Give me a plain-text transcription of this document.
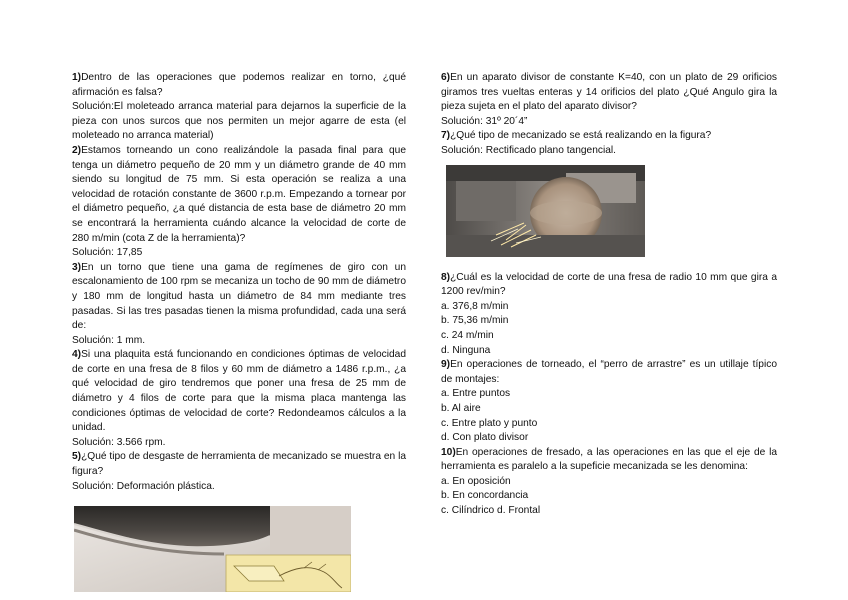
1)Dentro de las operaciones que podemos realizar en torno, ¿qué afirmación es falsa?

Solución:El moleteado arranca material para dejarnos la superficie de la pieza con unos surcos que nos permiten un mejor agarre de esta (el moleteado no arranca material)

2)Estamos torneando un cono realizándole la pasada final para que tenga un diámetro pequeño de 20 mm y un diámetro grande de 40 mm siendo su longitud de 75 mm. Si esta operación se realiza a una velocidad de rotación constante de 3600 r.p.m. Empezando a tornear por el diámetro pequeño, ¿a qué distancia de esta base de diámetro 20 mm se encontrará la herramienta cuándo alcance la velocidad de corte de 280 m/min (cota Z de la herramienta)?

Solución: 17,85

3)En un torno que tiene una gama de regímenes de giro con un escalonamiento de 100 rpm se mecaniza un tocho de 90 mm de diámetro y 180 mm de longitud hasta un diámetro de 84 mm mediante tres pasadas. Si las tres pasadas tienen la misma profundidad, cada una será de:

Solución: 1 mm.

4)Si una plaquita está funcionando en condiciones óptimas de velocidad de corte en una fresa de 8 filos y 60 mm de diámetro a 1486 r.p.m., ¿a qué velocidad de giro tendremos que poner una fresa de 25 mm de diámetro y 4 filos de corte para que la misma placa mantenga las condiciones óptimas de velocidad de corte? Redondeamos cálculos a la unidad.

Solución: 3.566 rpm.

5)¿Qué tipo de desgaste de herramienta de mecanizado se muestra en la figura?

Solución: Deformación plástica.

6)En un aparato divisor de constante K=40, con un plato de 29 orificios giramos tres vueltas enteras y 14 orificios del plato ¿Qué Angulo gira la pieza sujeta en el plato del aparato divisor?

Solución: 31º 20´4”

7)¿Qué tipo de mecanizado se está realizando en la figura?

Solución: Rectificado plano tangencial.

8)¿Cuál es la velocidad de corte de una fresa de radio 10 mm que gira a 1200 rev/min?

a. 376,8 m/min

b. 75,36 m/min

c. 24 m/min

d. Ninguna

9)En operaciones de torneado, el “perro de arrastre” es un utillaje típico de montajes:

a. Entre puntos

b. Al aire

c. Entre plato y punto

d. Con plato divisor

10)En operaciones de fresado, a las operaciones en las que el eje de la herramienta es paralelo a la supeficie mecanizada se les denomina:

a. En oposición

b. En concordancia

c. Cilíndrico d. Frontal
